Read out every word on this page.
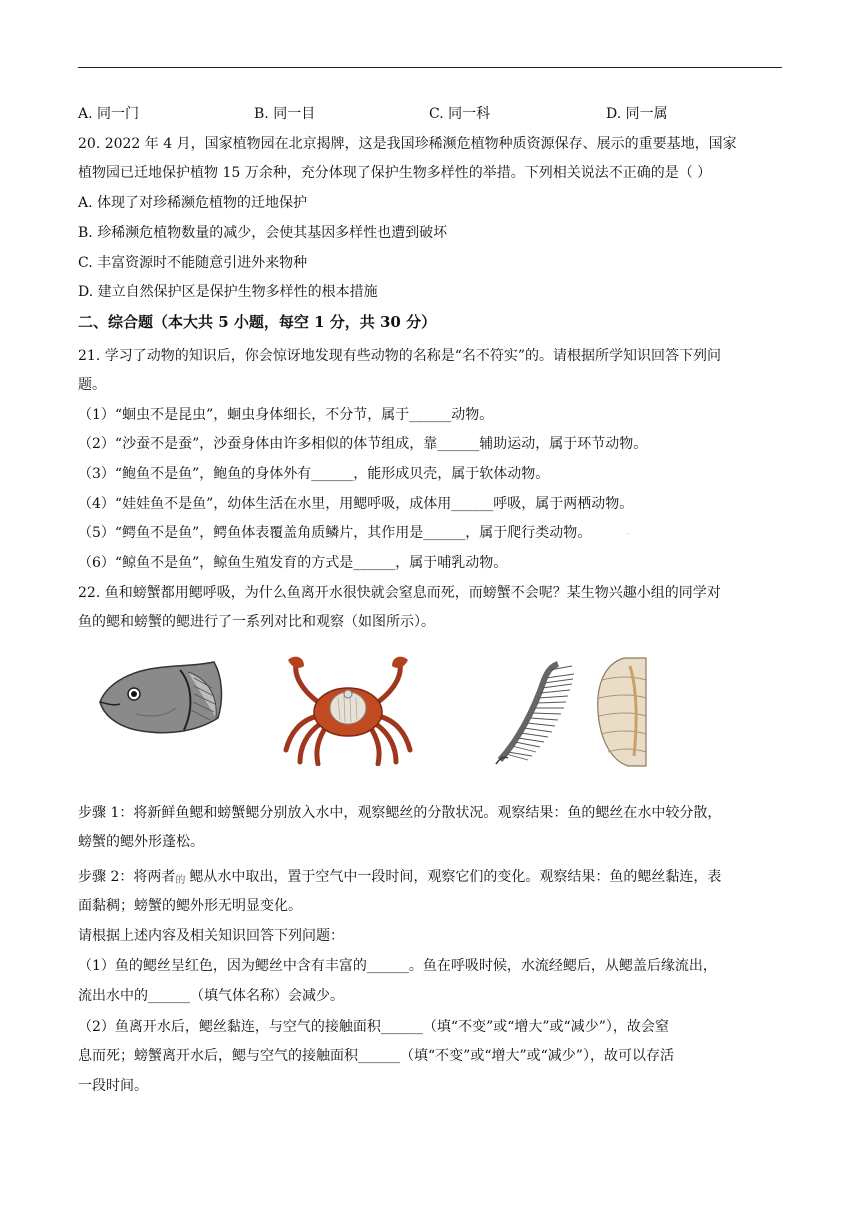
A. 同一门	B. 同一目	C. 同一科	D. 同一属
20. 2022 年 4 月，国家植物园在北京揭牌，这是我国珍稀濒危植物种质资源保存、展示的重要基地，国家
植物园已迁地保护植物 15 万余种，充分体现了保护生物多样性的举措。下列相关说法不正确的是（ ）
A. 体现了对珍稀濒危植物的迁地保护
B. 珍稀濒危植物数量的减少，会使其基因多样性也遭到破坏
C. 丰富资源时不能随意引进外来物种
D. 建立自然保护区是保护生物多样性的根本措施
二、综合题（本大共 5 小题，每空 1 分，共 30 分）
21. 学习了动物的知识后，你会惊讶地发现有些动物的名称是“名不符实”的。请根据所学知识回答下列问
题。
（1）“蛔虫不是昆虫”，蛔虫身体细长，不分节，属于______动物。
（2）“沙蚕不是蚕”，沙蚕身体由许多相似的体节组成，靠______辅助运动，属于环节动物。
（3）“鲍鱼不是鱼”，鲍鱼的身体外有______，能形成贝壳，属于软体动物。
（4）“娃娃鱼不是鱼”，幼体生活在水里，用鳃呼吸，成体用______呼吸，属于两栖动物。
（5）“鳄鱼不是鱼”，鳄鱼体表覆盖角质鳞片，其作用是______，属于爬行类动物。	·
（6）“鲸鱼不是鱼”，鲸鱼生殖发育的方式是______，属于哺乳动物。
22. 鱼和螃蟹都用鳃呼吸，为什么鱼离开水很快就会窒息而死，而螃蟹不会呢？某生物兴趣小组的同学对
鱼的鳃和螃蟹的鳃进行了一系列对比和观察（如图所示）。
步骤 1：将新鲜鱼鳃和螃蟹鳃分别放入水中，观察鳃丝的分散状况。观察结果：鱼的鳃丝在水中较分散，
螃蟹的鳃外形蓬松。
步骤 2：将两者 的 鳃从水中取出，置于空气中一段时间，观察它们的变化。观察结果：鱼的鳃丝黏连，表
面黏稠；螃蟹的鳃外形无明显变化。
请根据上述内容及相关知识回答下列问题：
（1）鱼的鳃丝呈红色，因为鳃丝中含有丰富的______。鱼在呼吸时候，水流经鳃后，从鳃盖后缘流出，
流出水中的______（填气体名称）会减少。
（2）鱼离开水后，鳃丝黏连，与空气的接触面积______（填“不变”或“增大”或“减少”），故会窒
息而死；螃蟹离开水后，鳃与空气的接触面积______（填“不变”或“增大”或“减少”），故可以存活
一段时间。
